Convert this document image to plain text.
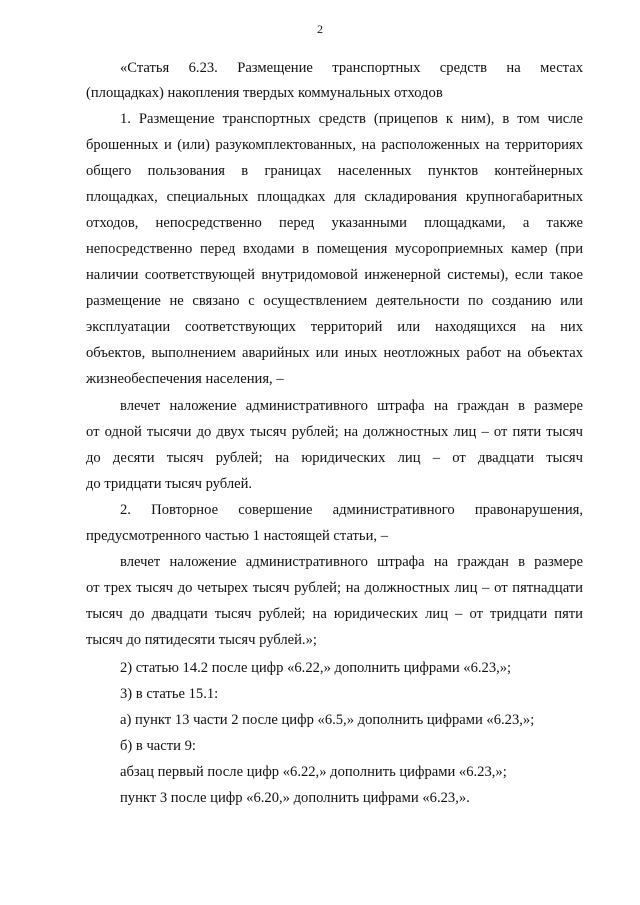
2
«Статья 6.23. Размещение транспортных средств на местах
(площадках) накопления твердых коммунальных отходов
1. Размещение транспортных средств (прицепов к ним), в том числе
брошенных и (или) разукомплектованных, на расположенных на территориях
общего пользования в границах населенных пунктов контейнерных
площадках, специальных площадках для складирования крупногабаритных
отходов, непосредственно перед указанными площадками, а также
непосредственно перед входами в помещения мусороприемных камер (при
наличии соответствующей внутридомовой инженерной системы), если такое
размещение не связано с осуществлением деятельности по созданию или
эксплуатации соответствующих территорий или находящихся на них
объектов, выполнением аварийных или иных неотложных работ на объектах
жизнеобеспечения населения, –
влечет наложение административного штрафа на граждан в размере
от одной тысячи до двух тысяч рублей; на должностных лиц – от пяти тысяч
до десяти тысяч рублей; на юридических лиц – от двадцати тысяч
до тридцати тысяч рублей.
2. Повторное совершение административного правонарушения,
предусмотренного частью 1 настоящей статьи, –
влечет наложение административного штрафа на граждан в размере
от трех тысяч до четырех тысяч рублей; на должностных лиц – от пятнадцати
тысяч до двадцати тысяч рублей; на юридических лиц – от тридцати пяти
тысяч до пятидесяти тысяч рублей.»;
2) статью 14.2 после цифр «6.22,» дополнить цифрами «6.23,»;
3) в статье 15.1:
а) пункт 13 части 2 после цифр «6.5,» дополнить цифрами «6.23,»;
б) в части 9:
абзац первый после цифр «6.22,» дополнить цифрами «6.23,»;
пункт 3 после цифр «6.20,» дополнить цифрами «6.23,».
